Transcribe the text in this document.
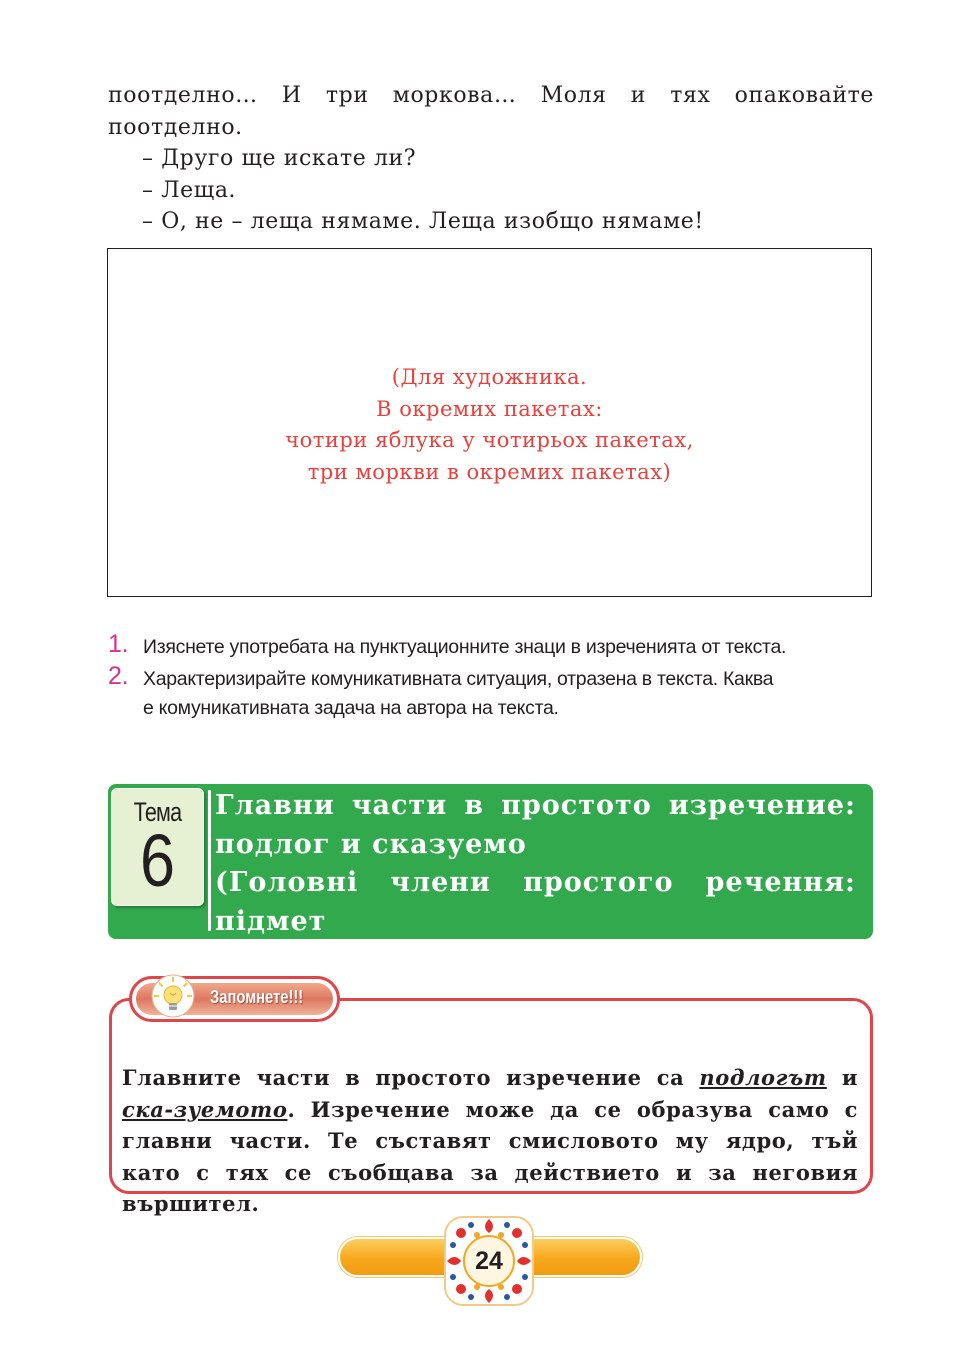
поотделно… И три моркова… Моля и тях опаковайте
поотделно.
– Друго ще искате ли?
– Леща.
– О, не – леща нямаме. Леща изобщо нямаме!
(Для художника.
В окремих пакетах:
чотири яблука у чотирьох пакетах,
три моркви в окремих пакетах)
1. Изяснете употребата на пунктуационните знаци в изреченията от текста.
2. Характеризирайте комуникативната ситуация, отразена в текста. Каква
е комуникативната задача на автора на текста.
Тема
6
Главни части в простото изречение:
подлог и сказуемо
(Головні члени простого речення: підмет
і присудок)
Запомнете!!!

Главните части в простото изречение са подлогът и ска-зуемото. Изречение може да се образува само с главни части. Те съставят смисловото му ядро, тъй като с тях се съобщава за действието и за неговия вършител.

24
